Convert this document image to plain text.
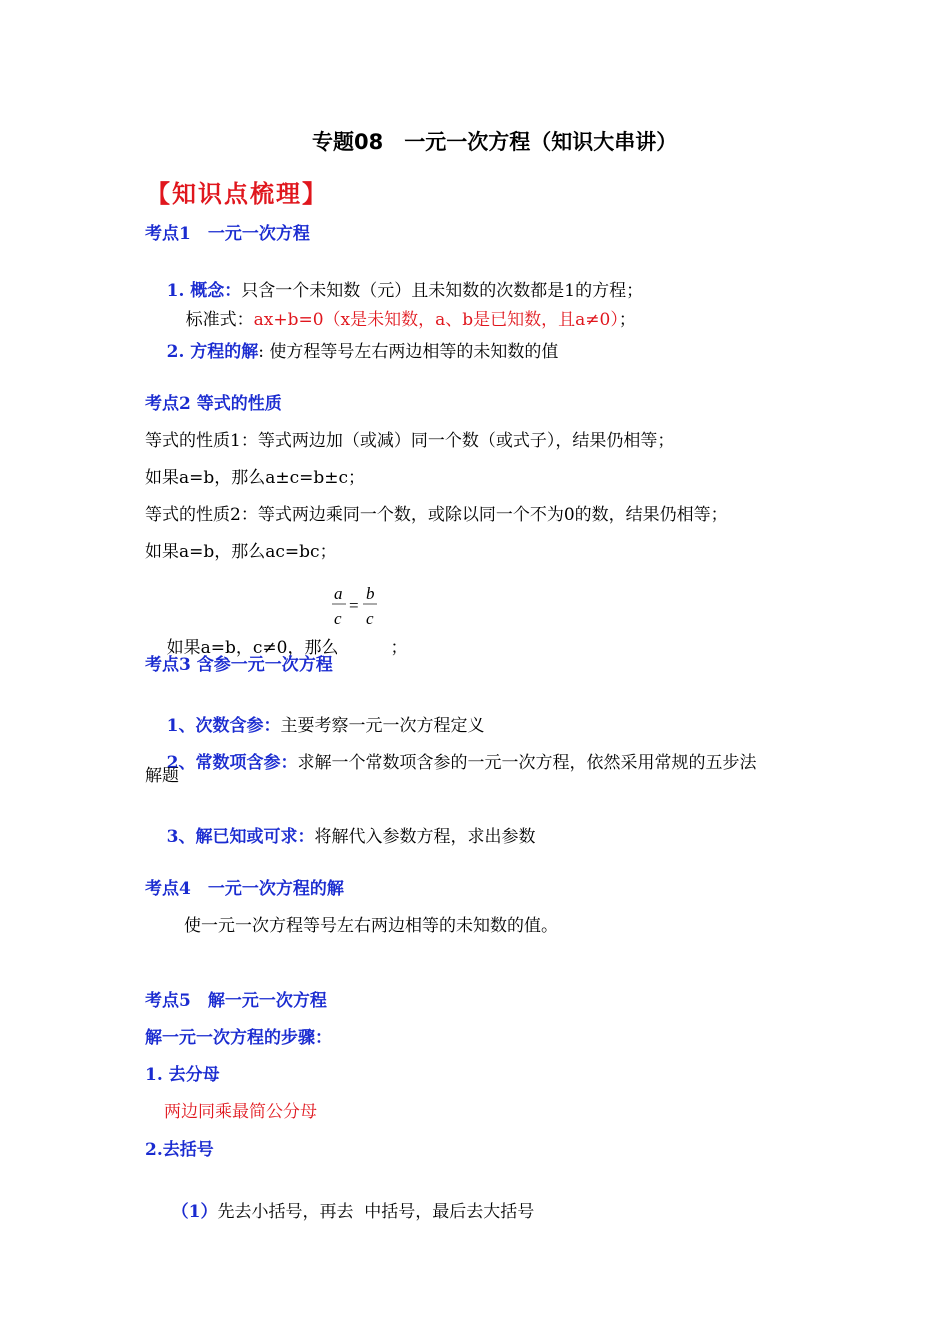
专题08　一元一次方程（知识大串讲）
【知识点梳理】
考点1　一元一次方程

1. 概念：只含一个未知数（元）且未知数的次数都是1的方程；

标准式：ax+b=0（x是未知数，a、b是已知数，且a≠0）；

2. 方程的解: 使方程等号左右两边相等的未知数的值

考点2 等式的性质
等式的性质1：等式两边加（或减）同一个数（或式子），结果仍相等；
如果a=b，那么a±c=b±c；
等式的性质2：等式两边乘同一个数，或除以同一个不为0的数，结果仍相等；
如果a=b，那么ac=bc；

如果a=b，c≠0，那么	；

a
c
=
b
c
考点3 含参一元一次方程

1、次数含参：主要考察一元一次方程定义

2、常数项含参：求解一个常数项含参的一元一次方程，依然采用常规的五步法

解题

3、解已知或可求：将解代入参数方程，求出参数

考点4　一元一次方程的解
使一元一次方程等号左右两边相等的未知数的值。
考点5　解一元一次方程
解一元一次方程的步骤：
1. 去分母
两边同乘最简公分母
2.去括号

（1）先去小括号，再去  中括号，最后去大括号
